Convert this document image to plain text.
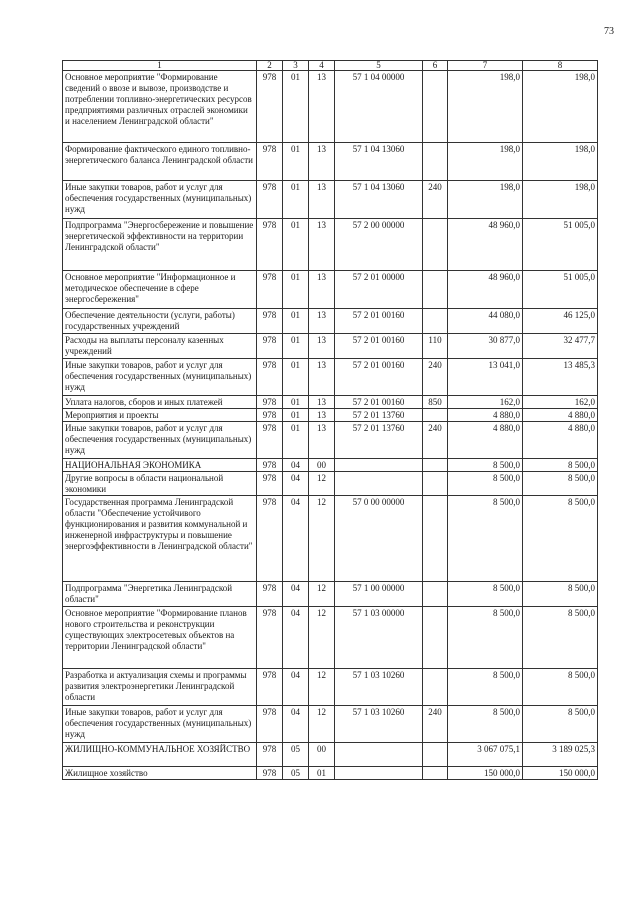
73
1	2	3	4	5	6	7	8
Основное мероприятие "Формирование сведений о ввозе и вывозе, производстве и потреблении топливно-энергетических ресурсов предприятиями различных отраслей экономики и населением Ленинградской области"	978	01	13	57 1 04 00000		198,0	198,0
Формирование фактического единого топливно-энергетического баланса Ленинградской области	978	01	13	57 1 04 13060		198,0	198,0
Иные закупки товаров, работ и услуг для обеспечения государственных (муниципальных) нужд	978	01	13	57 1 04 13060	240	198,0	198,0
Подпрограмма "Энергосбережение и повышение энергетической эффективности на территории Ленинградской области"	978	01	13	57 2 00 00000		48 960,0	51 005,0
Основное мероприятие "Информационное и методическое обеспечение в сфере энергосбережения"	978	01	13	57 2 01 00000		48 960,0	51 005,0
Обеспечение деятельности (услуги, работы) государственных учреждений	978	01	13	57 2 01 00160		44 080,0	46 125,0
Расходы на выплаты персоналу казенных учреждений	978	01	13	57 2 01 00160	110	30 877,0	32 477,7
Иные закупки товаров, работ и услуг для обеспечения государственных (муниципальных) нужд	978	01	13	57 2 01 00160	240	13 041,0	13 485,3
Уплата налогов, сборов и иных платежей	978	01	13	57 2 01 00160	850	162,0	162,0
Мероприятия и проекты	978	01	13	57 2 01 13760		4 880,0	4 880,0
Иные закупки товаров, работ и услуг для обеспечения государственных (муниципальных) нужд	978	01	13	57 2 01 13760	240	4 880,0	4 880,0
НАЦИОНАЛЬНАЯ ЭКОНОМИКА	978	04	00			8 500,0	8 500,0
Другие вопросы в области национальной экономики	978	04	12			8 500,0	8 500,0
Государственная программа Ленинградской области "Обеспечение устойчивого функционирования и развития коммунальной и инженерной инфраструктуры и повышение энергоэффективности в Ленинградской области"	978	04	12	57 0 00 00000		8 500,0	8 500,0
Подпрограмма "Энергетика Ленинградской области"	978	04	12	57 1 00 00000		8 500,0	8 500,0
Основное мероприятие "Формирование планов нового строительства и реконструкции существующих электросетевых объектов на территории Ленинградской области"	978	04	12	57 1 03 00000		8 500,0	8 500,0
Разработка и актуализация схемы и программы развития электроэнергетики Ленинградской области	978	04	12	57 1 03 10260		8 500,0	8 500,0
Иные закупки товаров, работ и услуг для обеспечения государственных (муниципальных) нужд	978	04	12	57 1 03 10260	240	8 500,0	8 500,0
ЖИЛИЩНО-КОММУНАЛЬНОЕ ХОЗЯЙСТВО	978	05	00			3 067 075,1	3 189 025,3
Жилищное хозяйство	978	05	01			150 000,0	150 000,0
